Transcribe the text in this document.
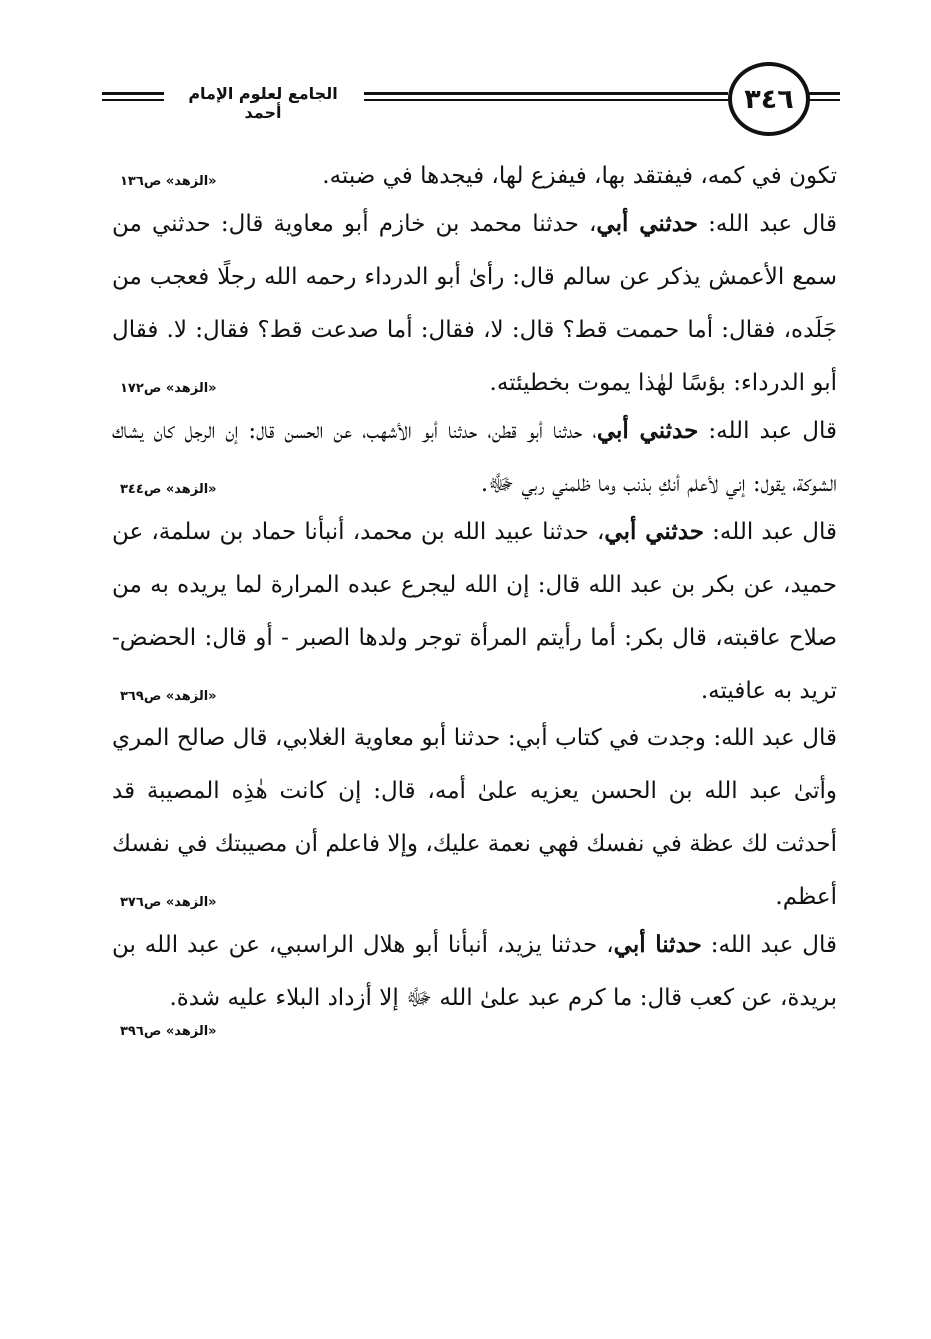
٣٤٦
الجامع لعلوم الإمام أحمد

تكون في كمه، فيفتقد بها، فيفزع لها، فيجدها في ضبته.

«الزهد» ص١٣٦

قال عبد الله: حدثني أبي، حدثنا محمد بن خازم أبو معاوية قال: حدثني من سمع الأعمش يذكر عن سالم قال: رأىٰ أبو الدرداء رحمه الله رجلًا فعجب من جَلَده، فقال: أما حممت قط؟ قال: لا، فقال: أما صدعت قط؟ فقال: لا. فقال أبو الدرداء: بؤسًا لهٰذا يموت بخطيئته.

«الزهد» ص١٧٢

قال عبد الله: حدثني أبي، حدثنا أبو قطن، حدثنا أبو الأشهب، عن الحسن قال: إن الرجل كان يشاك الشوكة، يقول: إني لأعلم أنكِ بذنب وما ظلمني ربي ﷻ.

«الزهد» ص٣٤٤

قال عبد الله: حدثني أبي، حدثنا عبيد الله بن محمد، أنبأنا حماد بن سلمة، عن حميد، عن بكر بن عبد الله قال: إن الله ليجرع عبده المرارة لما يريده به من صلاح عاقبته، قال بكر: أما رأيتم المرأة توجر ولدها الصبر - أو قال: الحضض- تريد به عافيته.

«الزهد» ص٣٦٩

قال عبد الله: وجدت في كتاب أبي: حدثنا أبو معاوية الغلابي، قال صالح المري وأتىٰ عبد الله بن الحسن يعزيه علىٰ أمه، قال: إن كانت هٰذِه المصيبة قد أحدثت لك عظة في نفسك فهي نعمة عليك، وإلا فاعلم أن مصيبتك في نفسك أعظم.

«الزهد» ص٣٧٦

قال عبد الله: حدثنا أبي، حدثنا يزيد، أنبأنا أبو هلال الراسبي، عن عبد الله بن بريدة، عن كعب قال: ما كرم عبد علىٰ الله ﷻ إلا أزداد البلاء عليه شدة.

«الزهد» ص٣٩٦
